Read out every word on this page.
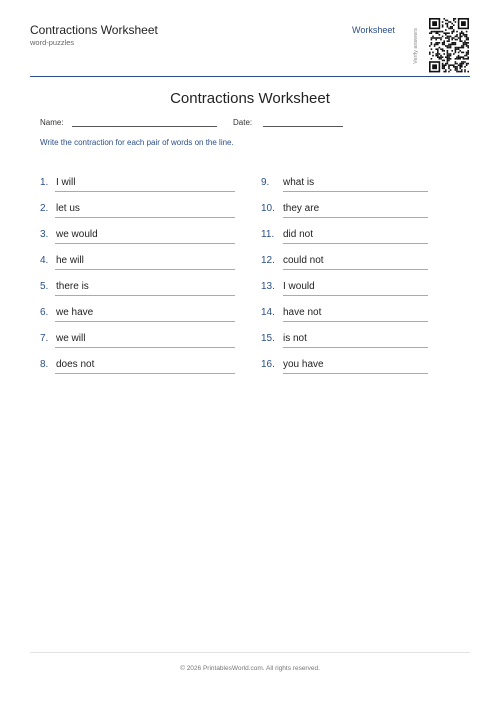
Contractions Worksheet
word-puzzles
Worksheet	Verify answers
Contractions Worksheet
Name:	Date:
Write the contraction for each pair of words on the line.
1. I will
2. let us
3. we would
4. he will
5. there is
6. we have
7. we will
8. does not
9. what is
10. they are
11. did not
12. could not
13. I would
14. have not
15. is not
16. you have
© 2026 PrintablesWorld.com. All rights reserved.
